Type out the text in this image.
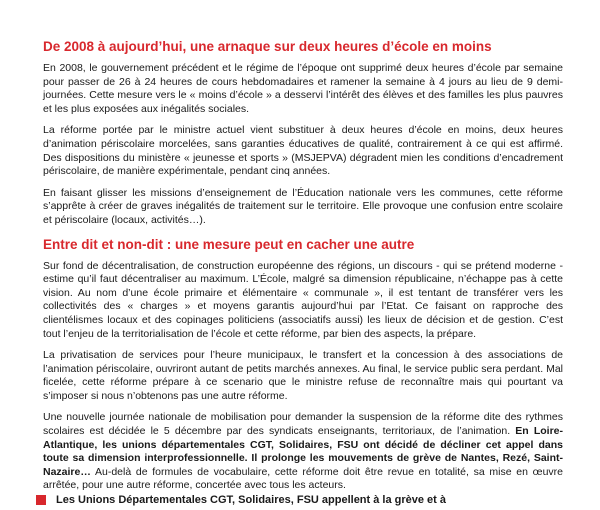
De 2008 à aujourd’hui, une arnaque sur deux heures d’école en moins

En 2008, le gouvernement précédent et le régime de l’époque ont supprimé deux heures d’école par semaine pour passer de 26 à 24 heures de cours hebdomadaires et ramener la semaine à 4 jours au lieu de 9 demi-journées. Cette mesure vers le « moins d’école » a desservi l’intérêt des élèves et des familles les plus pauvres et les plus exposées aux inégalités sociales.

La réforme portée par le ministre actuel vient substituer à deux heures d’école en moins, deux heures d’animation périscolaire morcelées, sans garanties éducatives de qualité, contrairement à ce qui est affirmé. Des dispositions du ministère « jeunesse et sports » (MSJEPVA) dégradent mien les conditions d’encadrement périscolaire, de manière expérimentale, pendant cinq années.

En faisant glisser les missions d’enseignement de l’Éducation nationale vers les communes, cette réforme s’apprête à créer de graves inégalités de traitement sur le territoire. Elle provoque une confusion entre scolaire et périscolaire (locaux, activités…).

Entre dit et non-dit : une mesure peut en cacher une autre

Sur fond de décentralisation, de construction européenne des régions, un discours - qui se prétend moderne - estime qu’il faut décentraliser au maximum. L’École, malgré sa dimension républicaine, n’échappe pas à cette vision. Au nom d’une école primaire et élémentaire « communale », il est tentant de transférer vers les collectivités des « charges » et moyens garantis aujourd’hui par l’Etat. Ce faisant on rapproche des clientélismes locaux et des copinages politiciens (associatifs aussi) les lieux de décision et de gestion. C’est tout l’enjeu de la territorialisation de l’école et cette réforme, par bien des aspects, la prépare.

La privatisation de services pour l’heure municipaux, le transfert et la concession à des associations de l’animation périscolaire, ouvriront autant de petits marchés annexes. Au final, le service public sera perdant. Mal ficelée, cette réforme prépare à ce scenario que le ministre refuse de reconnaître mais qui pourtant va s’imposer si nous n’obtenons pas une autre réforme.

Une nouvelle journée nationale de mobilisation pour demander la suspension de la réforme dite des rythmes scolaires est décidée le 5 décembre par des syndicats enseignants, territoriaux, de l’animation. En Loire-Atlantique, les unions départementales CGT, Solidaires, FSU ont décidé de décliner cet appel dans toute sa dimension interprofessionnelle. Il prolonge les mouvements de grève de Nantes, Rezé, Saint-Nazaire… Au-delà de formules de vocabulaire, cette réforme doit être revue en totalité, sa mise en œuvre arrêtée, pour une autre réforme, concertée avec tous les acteurs.

$^{Les Unions Départementales CGT, Solidaires, FSU appellent à la grève et à}$
